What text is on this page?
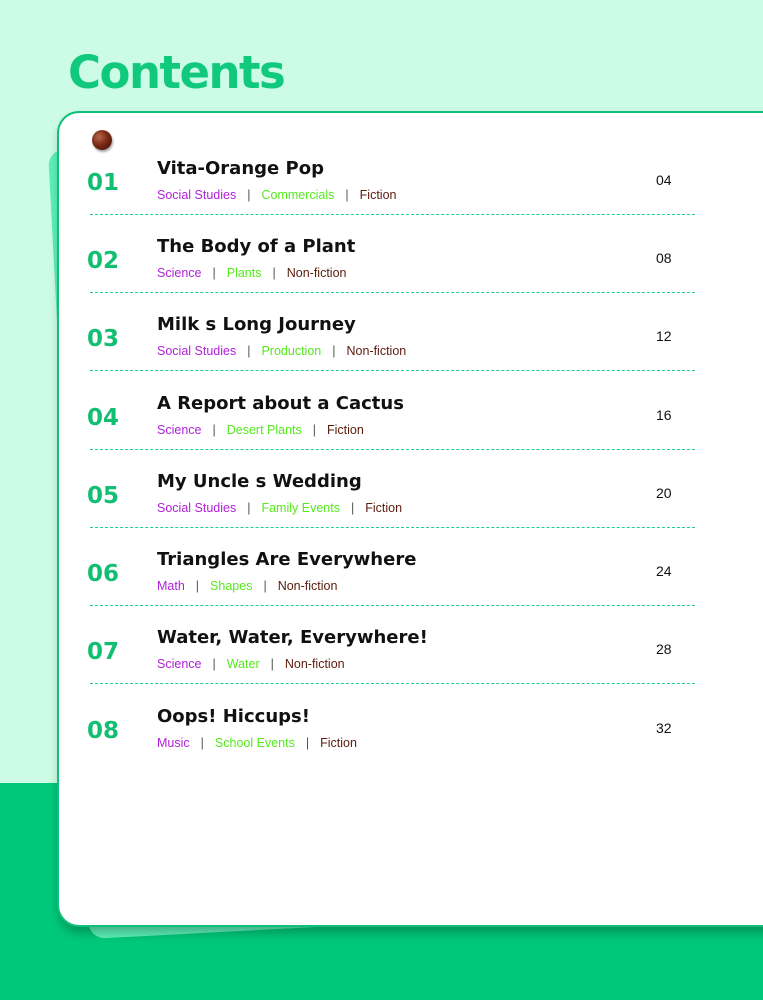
Contents
01
Vita-Orange Pop
Social Studies | Commercials | Fiction
04
02
The Body of a Plant
Science | Plants | Non-fiction
08
03
Milk s Long Journey
Social Studies | Production | Non-fiction
12
04
A Report about a Cactus
Science | Desert Plants | Fiction
16
05
My Uncle s Wedding
Social Studies | Family Events | Fiction
20
06
Triangles Are Everywhere
Math | Shapes | Non-fiction
24
07
Water, Water, Everywhere!
Science | Water | Non-fiction
28
08
Oops! Hiccups!
Music | School Events | Fiction
32
